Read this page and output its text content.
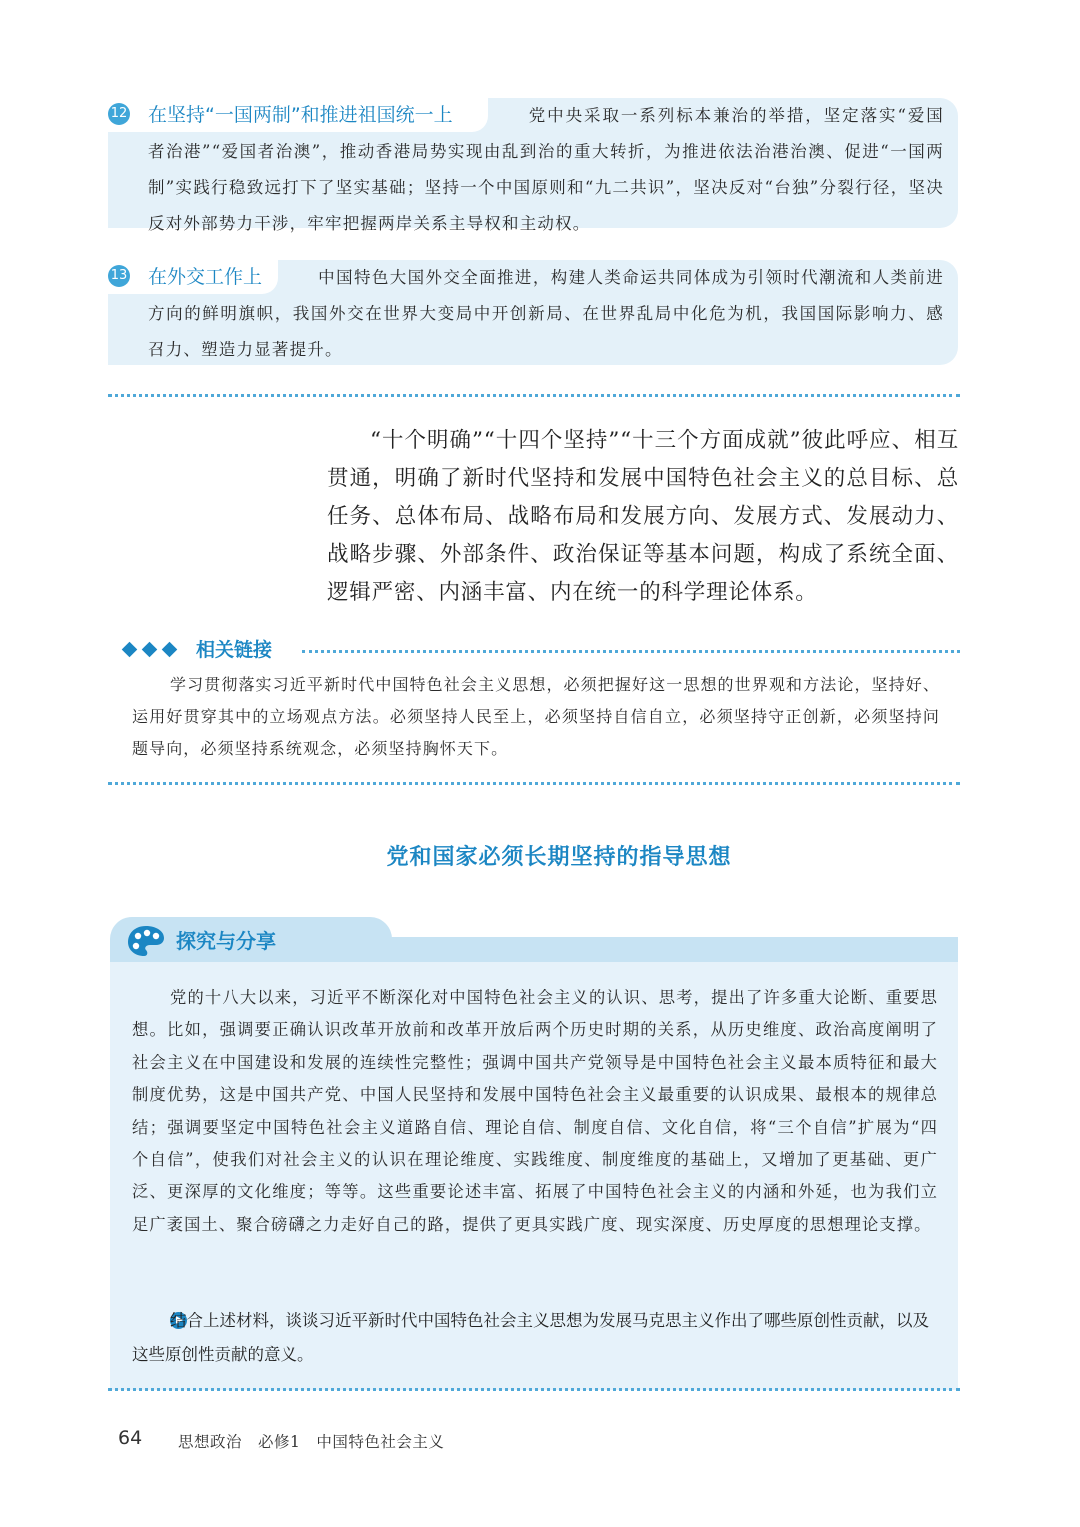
党中央采取一系列标本兼治的举措，坚定落实“爱国者治港”“爱国者治澳”，推动香港局势实现由乱到治的重大转折，为推进依法治港治澳、促进“一国两制”实践行稳致远打下了坚实基础；坚持一个中国原则和“九二共识”，坚决反对“台独”分裂行径，坚决反对外部势力干涉，牢牢把握两岸关系主导权和主动权。
12 在坚持“一国两制”和推进祖国统一上
中国特色大国外交全面推进，构建人类命运共同体成为引领时代潮流和人类前进方向的鲜明旗帜，我国外交在世界大变局中开创新局、在世界乱局中化危为机，我国国际影响力、感召力、塑造力显著提升。
13 在外交工作上
“十个明确”“十四个坚持”“十三个方面成就”彼此呼应、相互贯通，明确了新时代坚持和发展中国特色社会主义的总目标、总任务、总体布局、战略布局和发展方向、发展方式、发展动力、战略步骤、外部条件、政治保证等基本问题，构成了系统全面、逻辑严密、内涵丰富、内在统一的科学理论体系。
相关链接
学习贯彻落实习近平新时代中国特色社会主义思想，必须把握好这一思想的世界观和方法论，坚持好、运用好贯穿其中的立场观点方法。必须坚持人民至上，必须坚持自信自立，必须坚持守正创新，必须坚持问题导向，必须坚持系统观念，必须坚持胸怀天下。
党和国家必须长期坚持的指导思想
探究与分享
党的十八大以来，习近平不断深化对中国特色社会主义的认识、思考，提出了许多重大论断、重要思想。比如，强调要正确认识改革开放前和改革开放后两个历史时期的关系，从历史维度、政治高度阐明了社会主义在中国建设和发展的连续性完整性；强调中国共产党领导是中国特色社会主义最本质特征和最大制度优势，这是中国共产党、中国人民坚持和发展中国特色社会主义最重要的认识成果、最根本的规律总结；强调要坚定中国特色社会主义道路自信、理论自信、制度自信、文化自信，将“三个自信”扩展为“四个自信”，使我们对社会主义的认识在理论维度、实践维度、制度维度的基础上，又增加了更基础、更广泛、更深厚的文化维度；等等。这些重要论述丰富、拓展了中国特色社会主义的内涵和外延，也为我们立足广袤国土、聚合磅礴之力走好自己的路，提供了更具实践广度、现实深度、历史厚度的思想理论支撑。
结合上述材料，谈谈习近平新时代中国特色社会主义思想为发展马克思主义作出了哪些原创性贡献，以及这些原创性贡献的意义。
64 思想政治　必修1　中国特色社会主义
